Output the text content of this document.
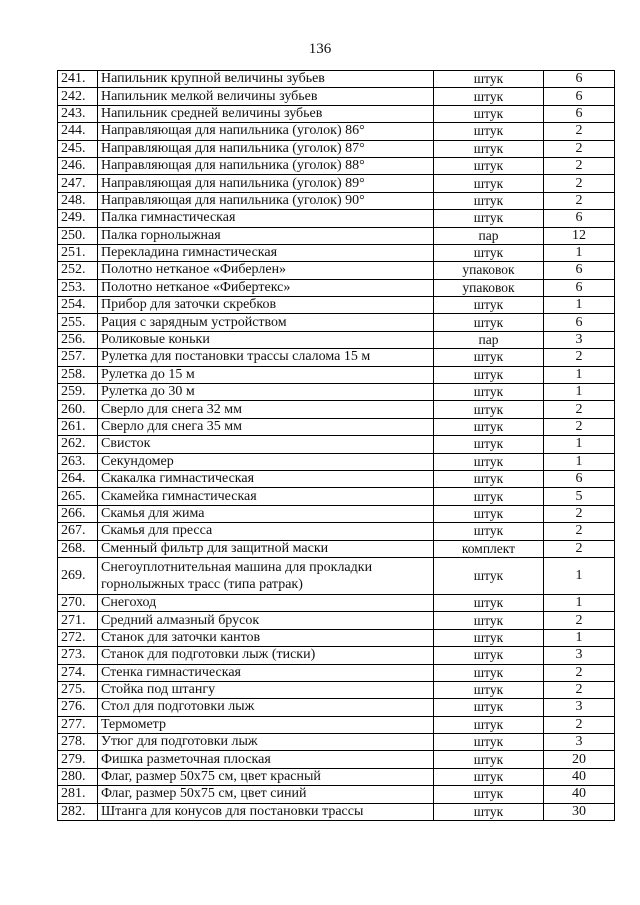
136
241.	Напильник крупной величины зубьев	штук	6
242.	Напильник мелкой величины зубьев	штук	6
243.	Напильник средней величины зубьев	штук	6
244.	Направляющая для напильника (уголок) 86°	штук	2
245.	Направляющая для напильника (уголок) 87°	штук	2
246.	Направляющая для напильника (уголок) 88°	штук	2
247.	Направляющая для напильника (уголок) 89°	штук	2
248.	Направляющая для напильника (уголок) 90°	штук	2
249.	Палка гимнастическая	штук	6
250.	Палка горнолыжная	пар	12
251.	Перекладина гимнастическая	штук	1
252.	Полотно нетканое «Фиберлен»	упаковок	6
253.	Полотно нетканое «Фибертекс»	упаковок	6
254.	Прибор для заточки скребков	штук	1
255.	Рация с зарядным устройством	штук	6
256.	Роликовые коньки	пар	3
257.	Рулетка для постановки трассы слалома 15 м	штук	2
258.	Рулетка до 15 м	штук	1
259.	Рулетка до 30 м	штук	1
260.	Сверло для снега 32 мм	штук	2
261.	Сверло для снега 35 мм	штук	2
262.	Свисток	штук	1
263.	Секундомер	штук	1
264.	Скакалка гимнастическая	штук	6
265.	Скамейка гимнастическая	штук	5
266.	Скамья для жима	штук	2
267.	Скамья для пресса	штук	2
268.	Сменный фильтр для защитной маски	комплект	2
269.	Снегоуплотнительная машина для прокладки горнолыжных трасс (типа ратрак)	штук	1
270.	Снегоход	штук	1
271.	Средний алмазный брусок	штук	2
272.	Станок для заточки кантов	штук	1
273.	Станок для подготовки лыж (тиски)	штук	3
274.	Стенка гимнастическая	штук	2
275.	Стойка под штангу	штук	2
276.	Стол для подготовки лыж	штук	3
277.	Термометр	штук	2
278.	Утюг для подготовки лыж	штук	3
279.	Фишка разметочная плоская	штук	20
280.	Флаг, размер 50х75 см, цвет красный	штук	40
281.	Флаг, размер 50х75 см, цвет синий	штук	40
282.	Штанга для конусов для постановки трассы	штук	30
